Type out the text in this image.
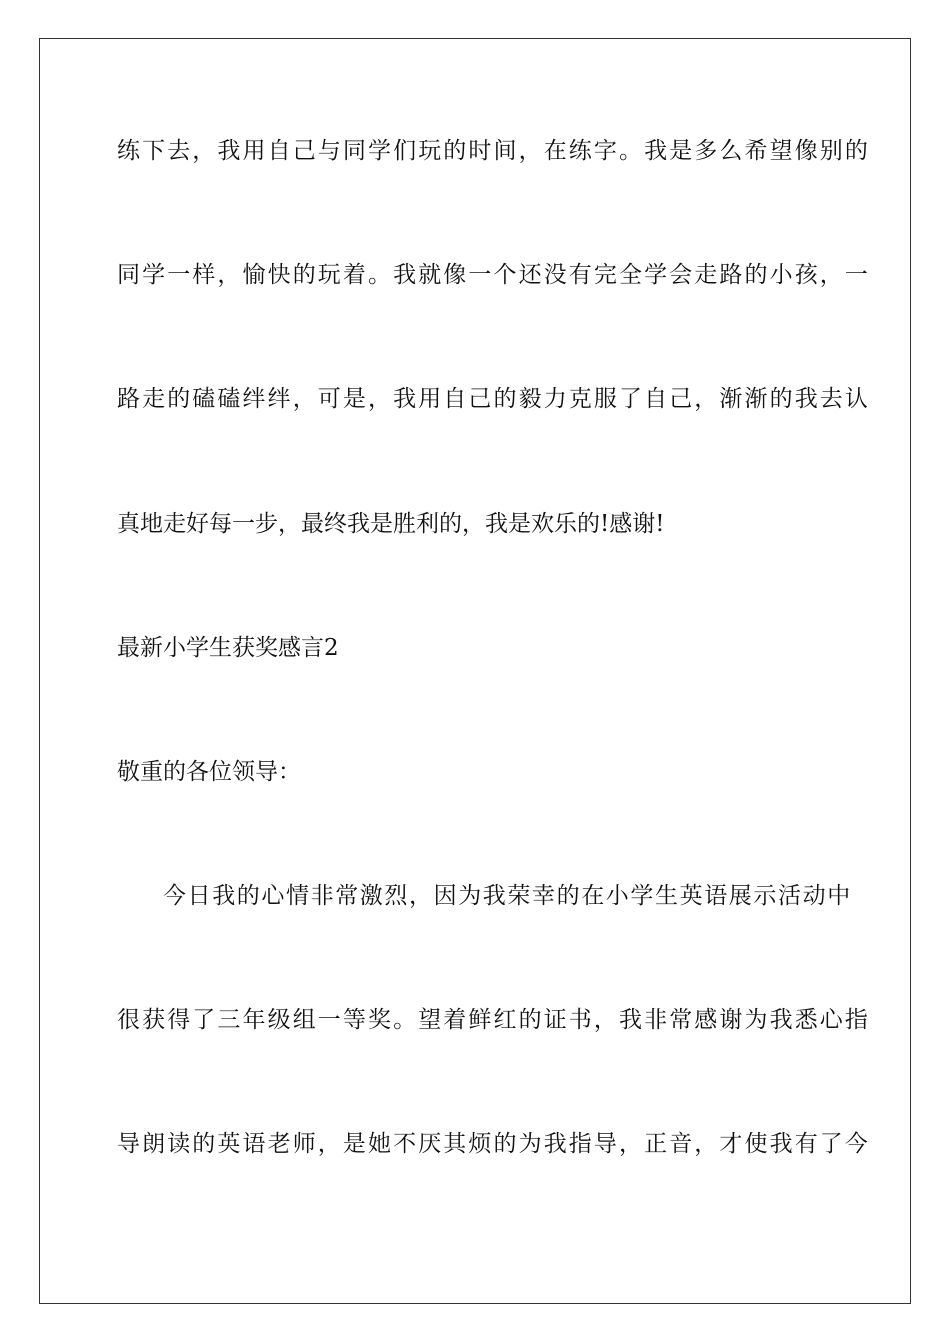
练下去，我用自己与同学们玩的时间，在练字。我是多么希望像别的

同学一样，愉快的玩着。我就像一个还没有完全学会走路的小孩，一

路走的磕磕绊绊，可是，我用自己的毅力克服了自己，渐渐的我去认

真地走好每一步，最终我是胜利的，我是欢乐的!感谢!

最新小学生获奖感言2

敬重的各位领导：

今日我的心情非常激烈，因为我荣幸的在小学生英语展示活动中

很获得了三年级组一等奖。望着鲜红的证书，我非常感谢为我悉心指

导朗读的英语老师，是她不厌其烦的为我指导，正音，才使我有了今
